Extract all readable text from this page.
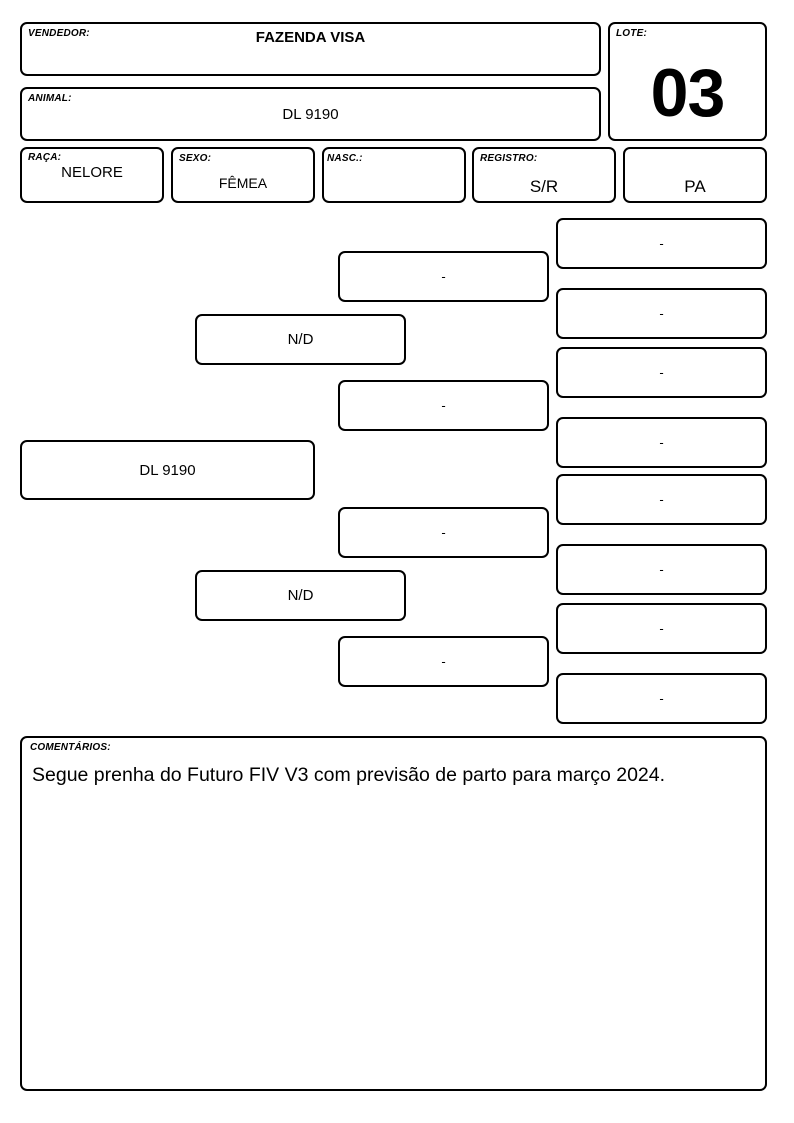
VENDEDOR:	FAZENDA VISA
ANIMAL:
DL 9190
LOTE:
03
RAÇA:
NELORE
SEXO:
FÊMEA
NASC.:	REGISTRO:
S/R	PA
DL 9190
N/D
N/D
-
-
-
-
-
-
-
-
-
-
-
-
COMENTÁRIOS:
Segue prenha do Futuro FIV V3 com previsão de parto para março 2024.
